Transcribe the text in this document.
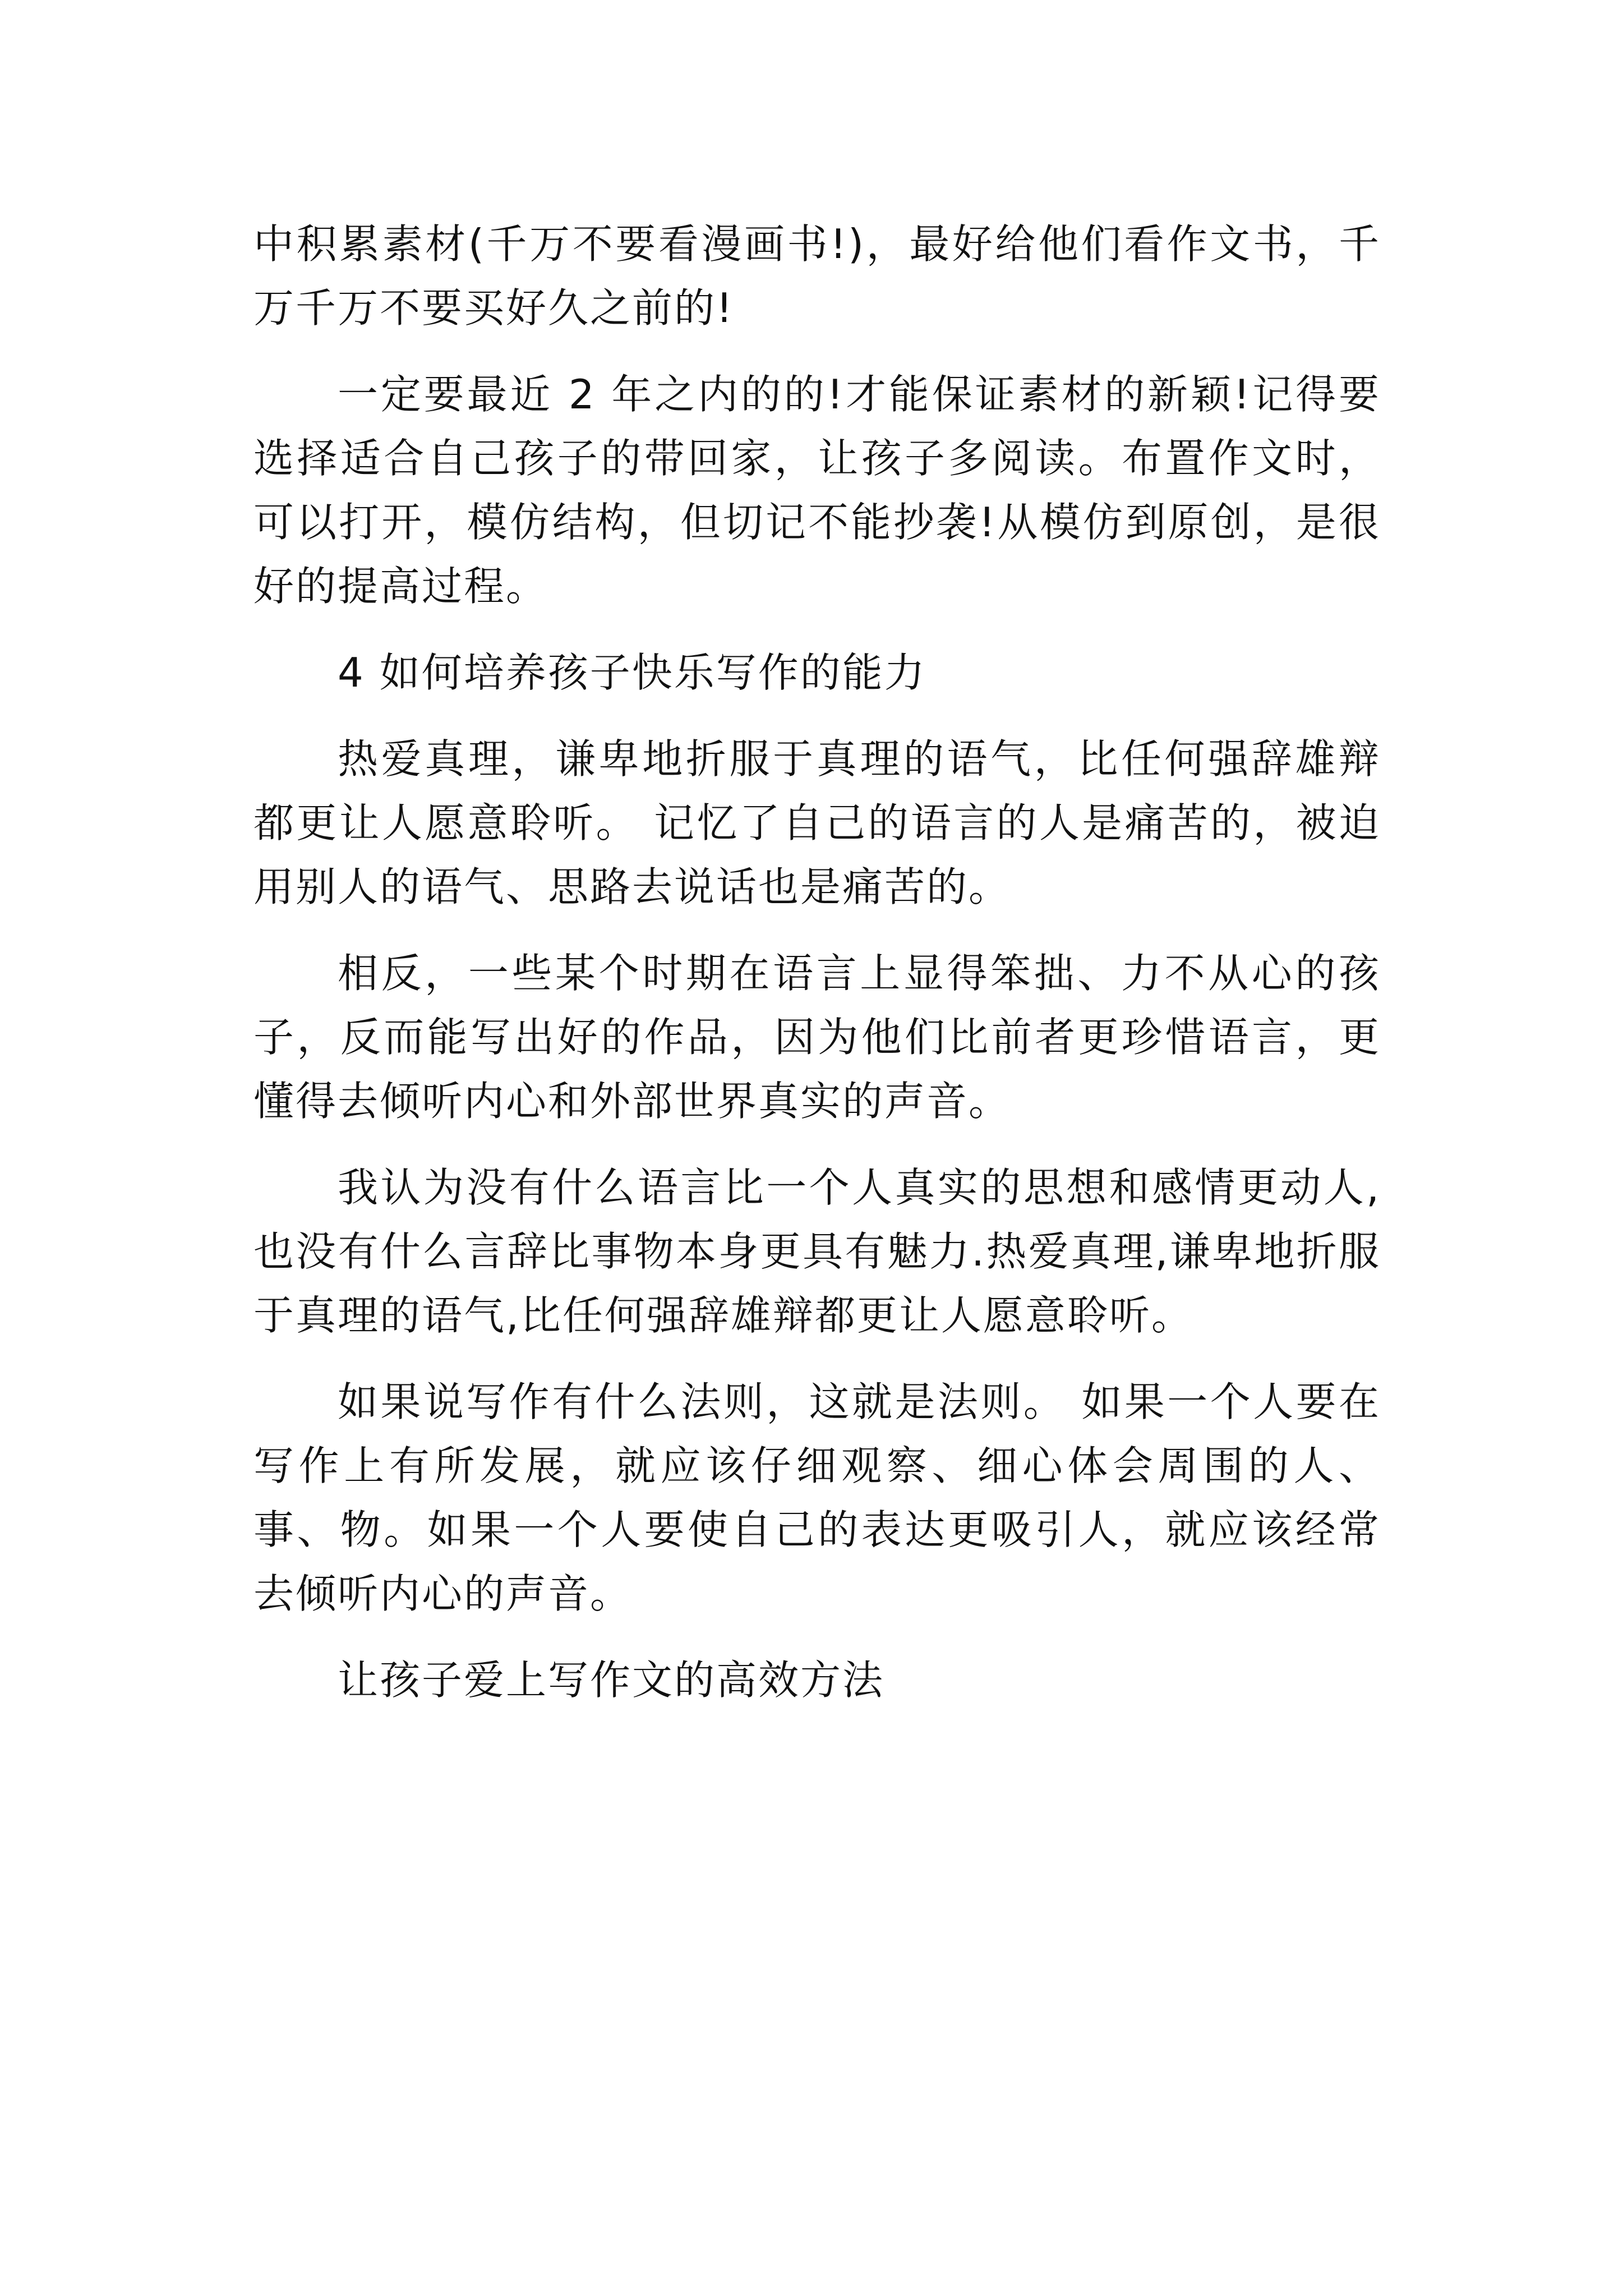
中积累素材(千万不要看漫画书!)，最好给他们看作文书，千万千万不要买好久之前的!

一定要最近 2 年之内的的!才能保证素材的新颖!记得要选择适合自己孩子的带回家，让孩子多阅读。布置作文时，可以打开，模仿结构，但切记不能抄袭!从模仿到原创，是很好的提高过程。

4 如何培养孩子快乐写作的能力

热爱真理，谦卑地折服于真理的语气，比任何强辞雄辩都更让人愿意聆听。 记忆了自己的语言的人是痛苦的，被迫用别人的语气、思路去说话也是痛苦的。

相反，一些某个时期在语言上显得笨拙、力不从心的孩子，反而能写出好的作品，因为他们比前者更珍惜语言，更懂得去倾听内心和外部世界真实的声音。

我认为没有什么语言比一个人真实的思想和感情更动人,也没有什么言辞比事物本身更具有魅力.热爱真理,谦卑地折服于真理的语气,比任何强辞雄辩都更让人愿意聆听。

如果说写作有什么法则，这就是法则。 如果一个人要在写作上有所发展，就应该仔细观察、细心体会周围的人、事、物。如果一个人要使自己的表达更吸引人，就应该经常去倾听内心的声音。

让孩子爱上写作文的高效方法
